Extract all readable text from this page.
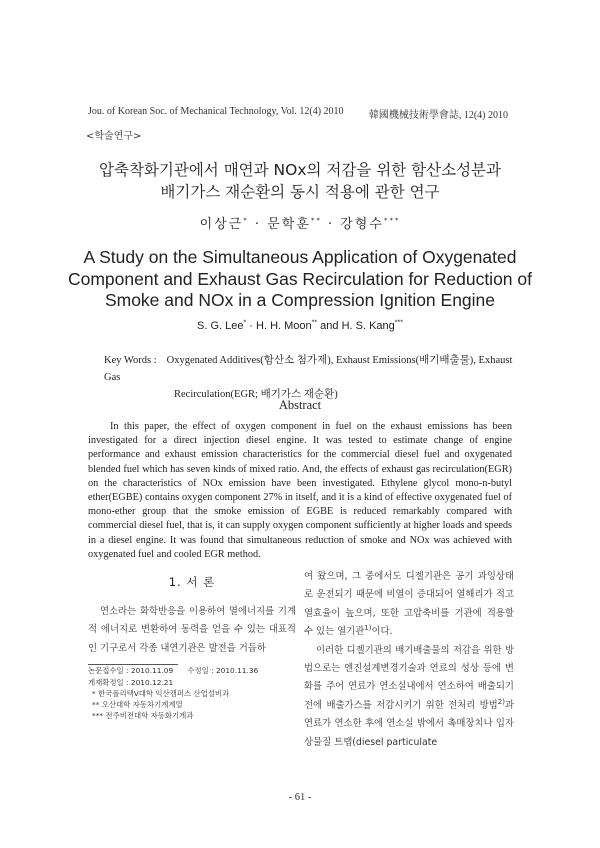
Jou. of Korean Soc. of Mechanical Technology, Vol. 12(4) 2010	韓國機械技術學會誌, 12(4) 2010
<학술연구>
압축착화기관에서 매연과 NOx의 저감을 위한 함산소성분과
배기가스 재순환의 동시 적용에 관한 연구
이상근* · 문학훈** · 강형수***
A Study on the Simultaneous Application of Oxygenated
Component and Exhaust Gas Recirculation for Reduction of
Smoke and NOx in a Compression Ignition Engine
S. G. Lee* · H. H. Moon** and H. S. Kang***
Key Words : Oxygenated Additives(함산소 첨가제), Exhaust Emissions(배기배출물), Exhaust Gas
Recirculation(EGR; 배기가스 재순환)
Abstract

In this paper, the effect of oxygen component in fuel on the exhaust emissions has been investigated for a direct injection diesel engine. It was tested to estimate change of engine performance and exhaust emission characteristics for the commercial diesel fuel and oxygenated blended fuel which has seven kinds of mixed ratio. And, the effects of exhaust gas recirculation(EGR) on the characteristics of NOx emission have been investigated. Ethylene glycol mono-n-butyl ether(EGBE) contains oxygen component 27% in itself, and it is a kind of effective oxygenated fuel of mono-ether group that the smoke emission of EGBE is reduced remarkably compared with commercial diesel fuel, that is, it can supply oxygen component sufficiently at higher loads and speeds in a diesel engine. It was found that simultaneous reduction of smoke and NOx was achieved with oxygenated fuel and cooled EGR method.

1. 서 론

연소라는 화학반응을 이용하여 열에너지를 기계적 에너지로 변환하여 동력을 얻을 수 있는 대표적인 기구로서 각종 내연기관은 발전을 거듭하

여 왔으며, 그 중에서도 디젤기관은 공기 과잉상태로 운전되기 때문에 비열이 증대되어 열해리가 적고 열효율이 높으며, 또한 고압축비를 기관에 적용할 수 있는 열기관$^{1)}$이다.

이러한 디젤기관의 배기배출물의 저감을 위한 방법으로는 엔진설계변경기술과 연료의 성상 등에 변화를 주어 연료가 연소실내에서 연소하여 배출되기 전에 배출가스를 저감시키기 위한 전처리 방법$^{2)}$과 연료가 연소한 후에 연소실 밖에서 촉매장치나 입자상물질 트랩(diesel particulate

논문접수일 : 2010.11.09 수정일 : 2010.11.36
게재확정일 : 2010.12.21
* 한국폴리텍V대학 익산캠퍼스 산업설비과
** 오산대학 자동차기계계열
*** 전주비전대학 자동화기계과
- 61 -
